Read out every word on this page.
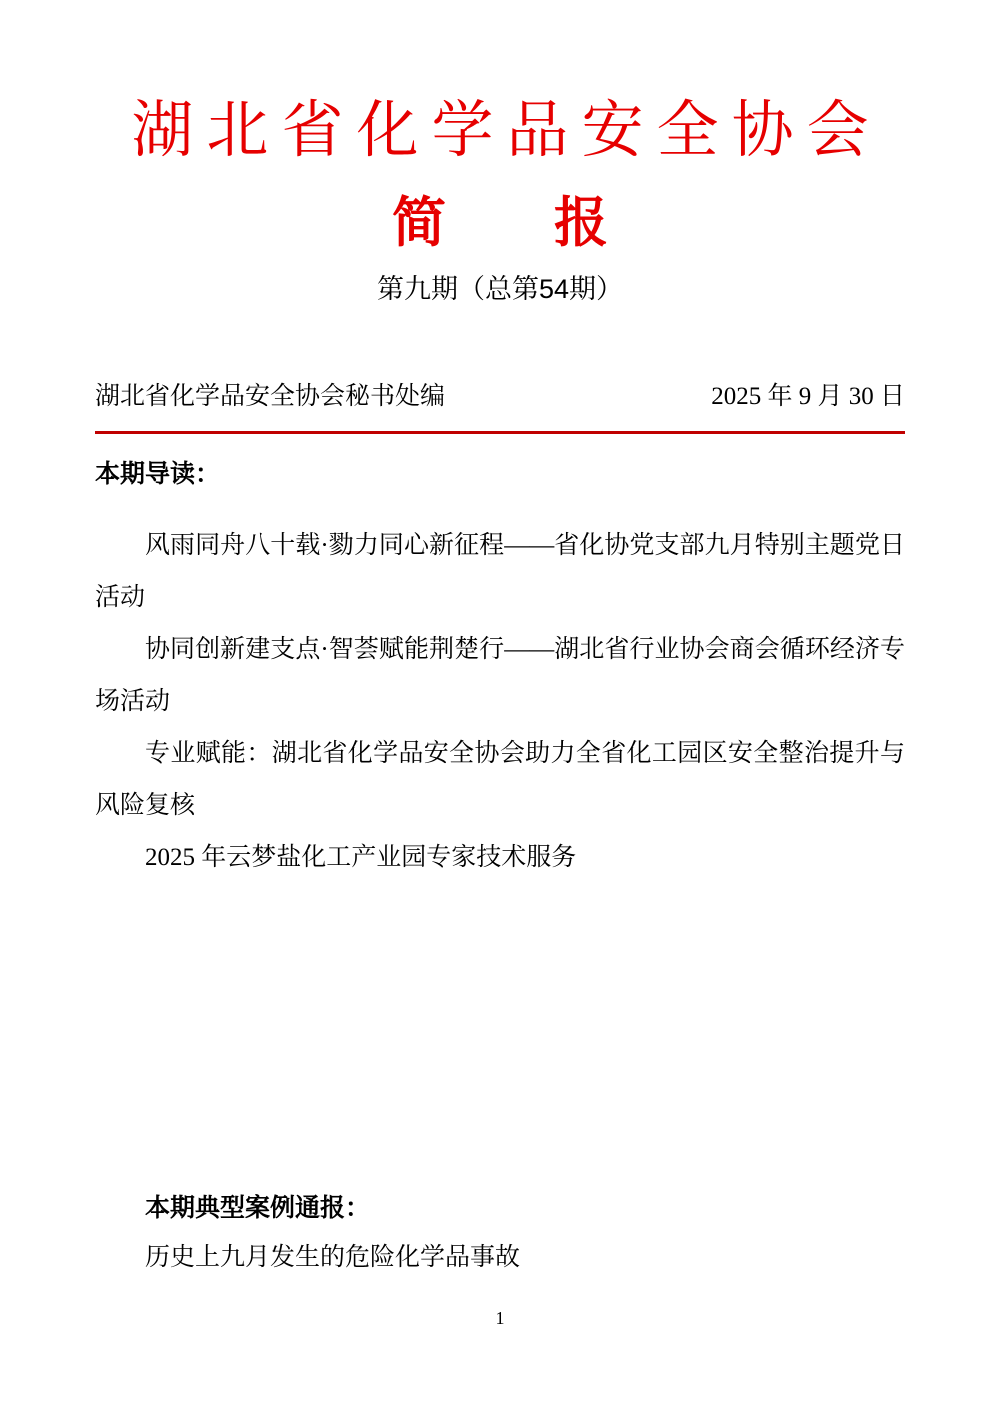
湖北省化学品安全协会
简　　报
第九期（总第54期）
湖北省化学品安全协会秘书处编	2025 年 9 月 30 日
本期导读：

风雨同舟八十载·勠力同心新征程——省化协党支部九月特别主题党日活动

协同创新建支点·智荟赋能荆楚行——湖北省行业协会商会循环经济专场活动

专业赋能：湖北省化学品安全协会助力全省化工园区安全整治提升与风险复核

2025 年云梦盐化工产业园专家技术服务

本期典型案例通报：
历史上九月发生的危险化学品事故
1
